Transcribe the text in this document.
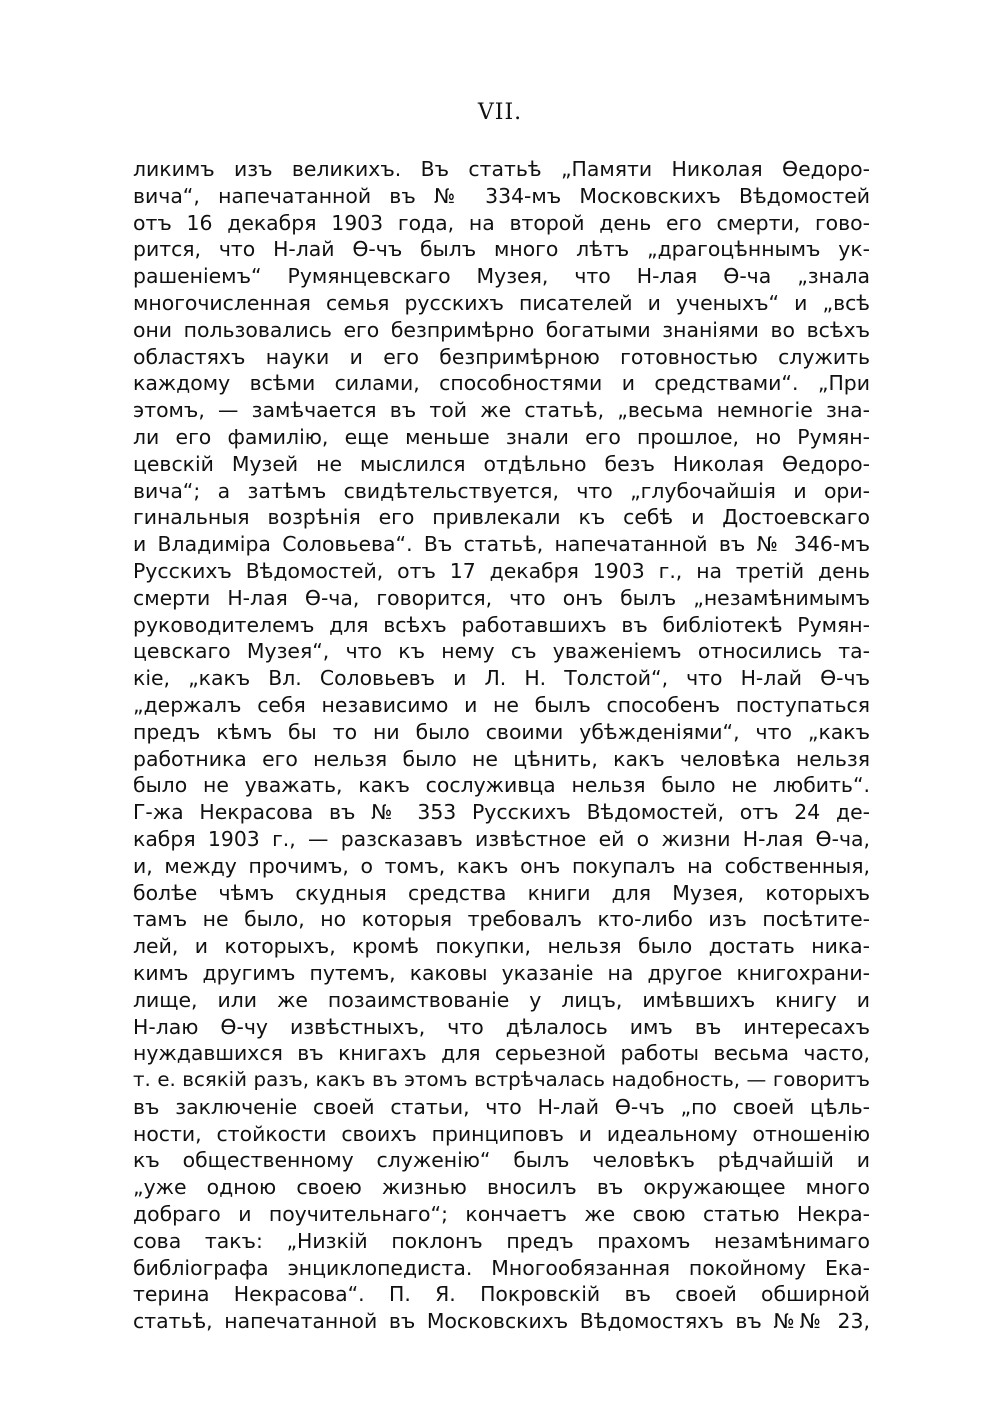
VII.
ликимъ изъ великихъ. Въ статьѣ „Памяти Николая Ѳедоро-
вича“, напечатанной въ № 334-мъ Московскихъ Вѣдомостей
отъ 16 декабря 1903 года, на второй день его смерти, гово-
рится, что Н-лай Ѳ-чъ былъ много лѣтъ „драгоцѣннымъ ук-
рашеніемъ“ Румянцевскаго Музея, что Н-лая Ѳ-ча „знала
многочисленная семья русскихъ писателей и ученыхъ“ и „всѣ
они пользовались его безпримѣрно богатыми знаніями во всѣхъ
областяхъ науки и его безпримѣрною готовностью служить
каждому всѣми силами, способностями и средствами“. „При
этомъ, — замѣчается въ той же статьѣ, „весьма немногіе зна-
ли его фамилію, еще меньше знали его прошлое, но Румян-
цевскій Музей не мыслился отдѣльно безъ Николая Ѳедоро-
вича“; а затѣмъ свидѣтельствуется, что „глубочайшія и ори-
гинальныя возрѣнія его привлекали къ себѣ и Достоевскаго
и Владиміра Соловьева“. Въ статьѣ, напечатанной въ № 346-мъ
Русскихъ Вѣдомостей, отъ 17 декабря 1903 г., на третій день
смерти Н-лая Ѳ-ча, говорится, что онъ былъ „незамѣнимымъ
руководителемъ для всѣхъ работавшихъ въ библіотекѣ Румян-
цевскаго Музея“, что къ нему съ уваженіемъ относились та-
кіе, „какъ Вл. Соловьевъ и Л. Н. Толстой“, что Н-лай Ѳ-чъ
„держалъ себя независимо и не былъ способенъ поступаться
предъ кѣмъ бы то ни было своими убѣжденіями“, что „какъ
работника его нельзя было не цѣнить, какъ человѣка нельзя
было не уважать, какъ сослуживца нельзя было не любить“.
Г-жа Некрасова въ № 353 Русскихъ Вѣдомостей, отъ 24 де-
кабря 1903 г., — разсказавъ извѣстное ей о жизни Н-лая Ѳ-ча,
и, между прочимъ, о томъ, какъ онъ покупалъ на собственныя,
болѣе чѣмъ скудныя средства книги для Музея, которыхъ
тамъ не было, но которыя требовалъ кто-либо изъ посѣтите-
лей, и которыхъ, кромѣ покупки, нельзя было достать ника-
кимъ другимъ путемъ, каковы указаніе на другое книгохрани-
лище, или же позаимствованіе у лицъ, имѣвшихъ книгу и
Н-лаю Ѳ-чу извѣстныхъ, что дѣлалось имъ въ интересахъ
нуждавшихся въ книгахъ для серьезной работы весьма часто,
т. е. всякій разъ, какъ въ этомъ встрѣчалась надобность, — говоритъ
въ заключеніе своей статьи, что Н-лай Ѳ-чъ „по своей цѣль-
ности, стойкости своихъ принциповъ и идеальному отношенію
къ общественному служенію“ былъ человѣкъ рѣдчайшій и
„уже одною своею жизнью вносилъ въ окружающее много
добраго и поучительнаго“; кончаетъ же свою статью Некра-
сова такъ: „Низкій поклонъ предъ прахомъ незамѣнимаго
библіографа энциклопедиста. Многообязанная покойному Ека-
терина Некрасова“. П. Я. Покровскій въ своей обширной
статьѣ, напечатанной въ Московскихъ Вѣдомостяхъ въ №№ 23,
